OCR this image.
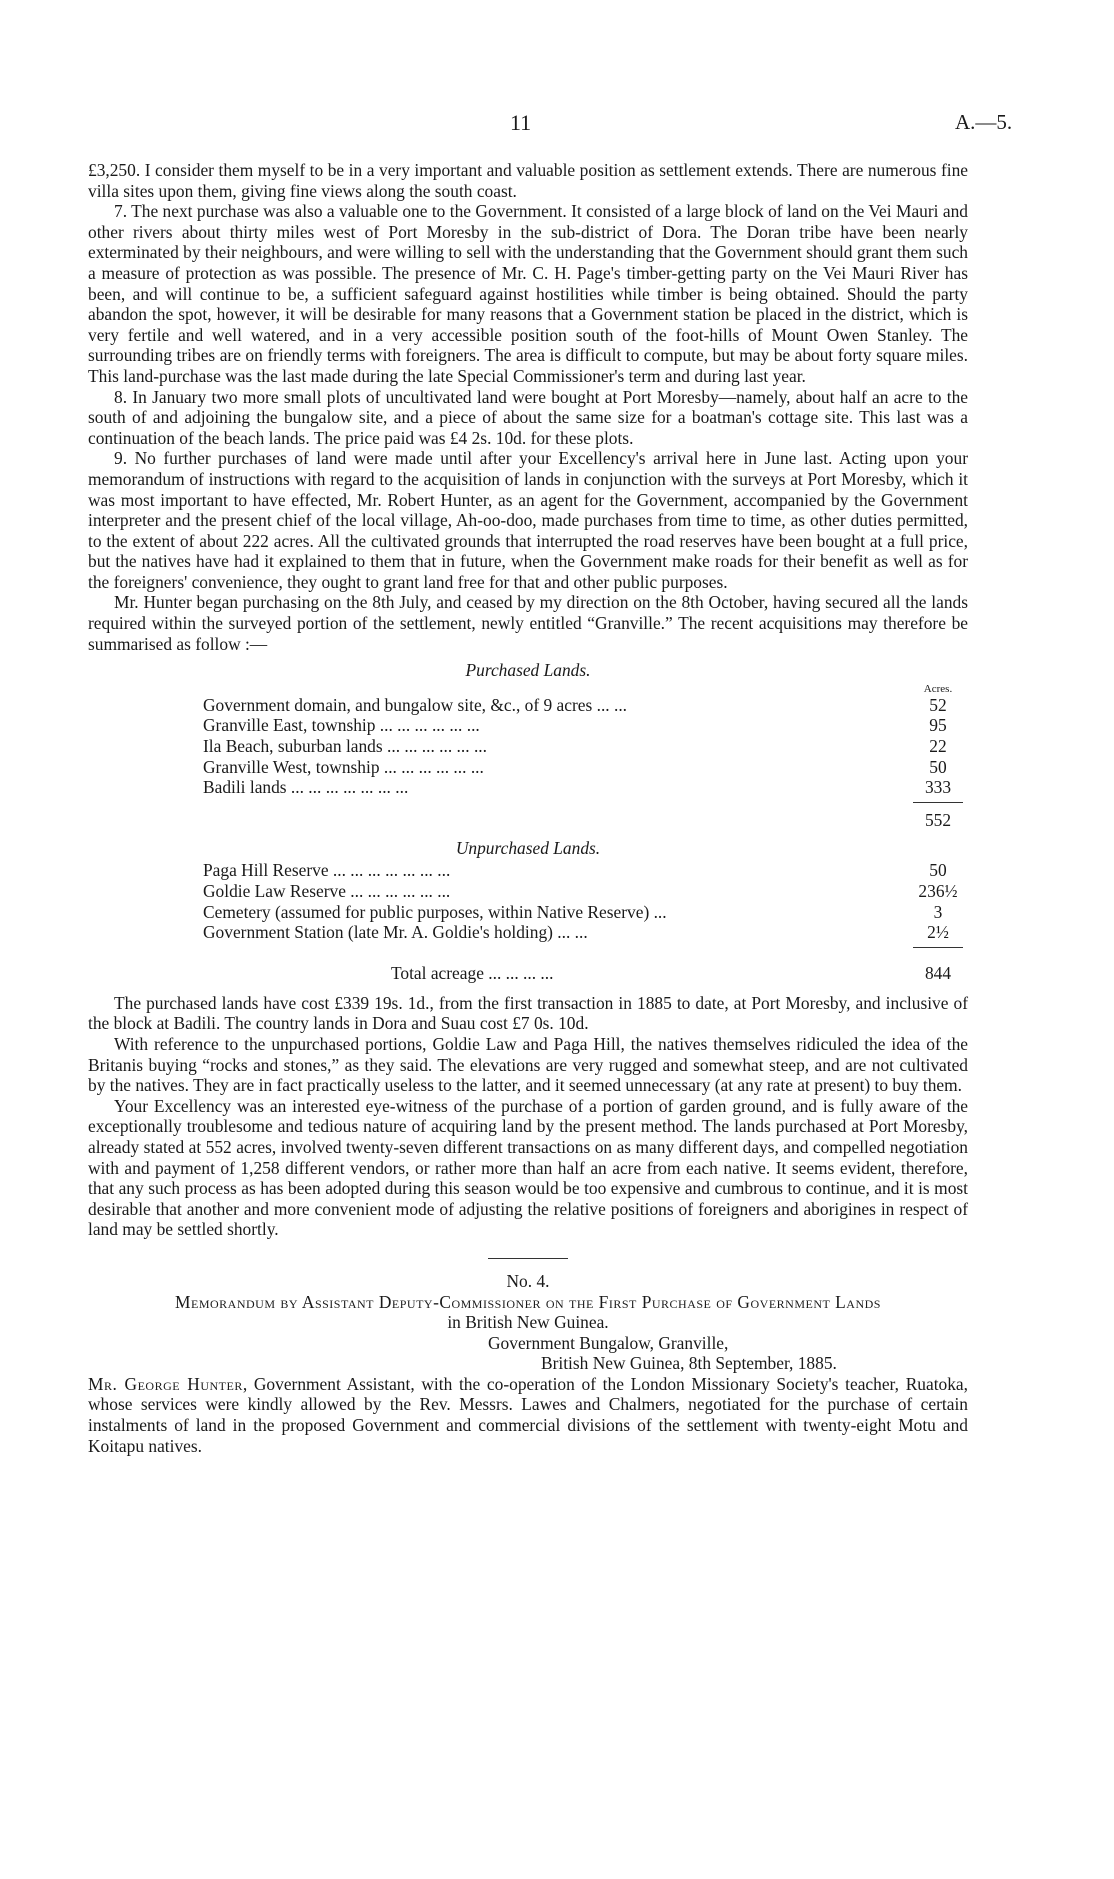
11	A.—5.

£3,250. I consider them myself to be in a very important and valuable position as settlement extends. There are numerous fine villa sites upon them, giving fine views along the south coast.

7. The next purchase was also a valuable one to the Government. It consisted of a large block of land on the Vei Mauri and other rivers about thirty miles west of Port Moresby in the sub-district of Dora. The Doran tribe have been nearly exterminated by their neighbours, and were willing to sell with the understanding that the Government should grant them such a measure of protection as was possible. The presence of Mr. C. H. Page's timber-getting party on the Vei Mauri River has been, and will continue to be, a sufficient safeguard against hostilities while timber is being obtained. Should the party abandon the spot, however, it will be desirable for many reasons that a Government station be placed in the district, which is very fertile and well watered, and in a very accessible position south of the foot-hills of Mount Owen Stanley. The surrounding tribes are on friendly terms with foreigners. The area is difficult to compute, but may be about forty square miles. This land-purchase was the last made during the late Special Commissioner's term and during last year.

8. In January two more small plots of uncultivated land were bought at Port Moresby—namely, about half an acre to the south of and adjoining the bungalow site, and a piece of about the same size for a boatman's cottage site. This last was a continuation of the beach lands. The price paid was £4 2s. 10d. for these plots.

9. No further purchases of land were made until after your Excellency's arrival here in June last. Acting upon your memorandum of instructions with regard to the acquisition of lands in conjunction with the surveys at Port Moresby, which it was most important to have effected, Mr. Robert Hunter, as an agent for the Government, accompanied by the Government interpreter and the present chief of the local village, Ah-oo-doo, made purchases from time to time, as other duties permitted, to the extent of about 222 acres. All the cultivated grounds that interrupted the road reserves have been bought at a full price, but the natives have had it explained to them that in future, when the Government make roads for their benefit as well as for the foreigners' convenience, they ought to grant land free for that and other public purposes.

Mr. Hunter began purchasing on the 8th July, and ceased by my direction on the 8th October, having secured all the lands required within the surveyed portion of the settlement, newly entitled “Granville.” The recent acquisitions may therefore be summarised as follow :—

Purchased Lands.
Acres.
Government domain, and bungalow site, &c., of 9 acres ... ...	52
Granville East, township ... ... ... ... ... ...	95
Ila Beach, suburban lands ... ... ... ... ... ...	22
Granville West, township ... ... ... ... ... ...	50
Badili lands ... ... ... ... ... ... ...	333
552
Unpurchased Lands.
Paga Hill Reserve ... ... ... ... ... ... ...	50
Goldie Law Reserve ... ... ... ... ... ...	236½
Cemetery (assumed for public purposes, within Native Reserve) ...	3
Government Station (late Mr. A. Goldie's holding) ... ...	2½
Total acreage ... ... ... ...	844

The purchased lands have cost £339 19s. 1d., from the first transaction in 1885 to date, at Port Moresby, and inclusive of the block at Badili. The country lands in Dora and Suau cost £7 0s. 10d.

With reference to the unpurchased portions, Goldie Law and Paga Hill, the natives themselves ridiculed the idea of the Britanis buying “rocks and stones,” as they said. The elevations are very rugged and somewhat steep, and are not cultivated by the natives. They are in fact practically useless to the latter, and it seemed unnecessary (at any rate at present) to buy them.

Your Excellency was an interested eye-witness of the purchase of a portion of garden ground, and is fully aware of the exceptionally troublesome and tedious nature of acquiring land by the present method. The lands purchased at Port Moresby, already stated at 552 acres, involved twenty-seven different transactions on as many different days, and compelled negotiation with and payment of 1,258 different vendors, or rather more than half an acre from each native. It seems evident, therefore, that any such process as has been adopted during this season would be too expensive and cumbrous to continue, and it is most desirable that another and more convenient mode of adjusting the relative positions of foreigners and aborigines in respect of land may be settled shortly.

No. 4.
Memorandum by Assistant Deputy-Commissioner on the First Purchase of Government Lands
in British New Guinea.
Government Bungalow, Granville,
British New Guinea, 8th September, 1885.

Mr. George Hunter, Government Assistant, with the co-operation of the London Missionary Society's teacher, Ruatoka, whose services were kindly allowed by the Rev. Messrs. Lawes and Chalmers, negotiated for the purchase of certain instalments of land in the proposed Government and commercial divisions of the settlement with twenty-eight Motu and Koitapu natives.
